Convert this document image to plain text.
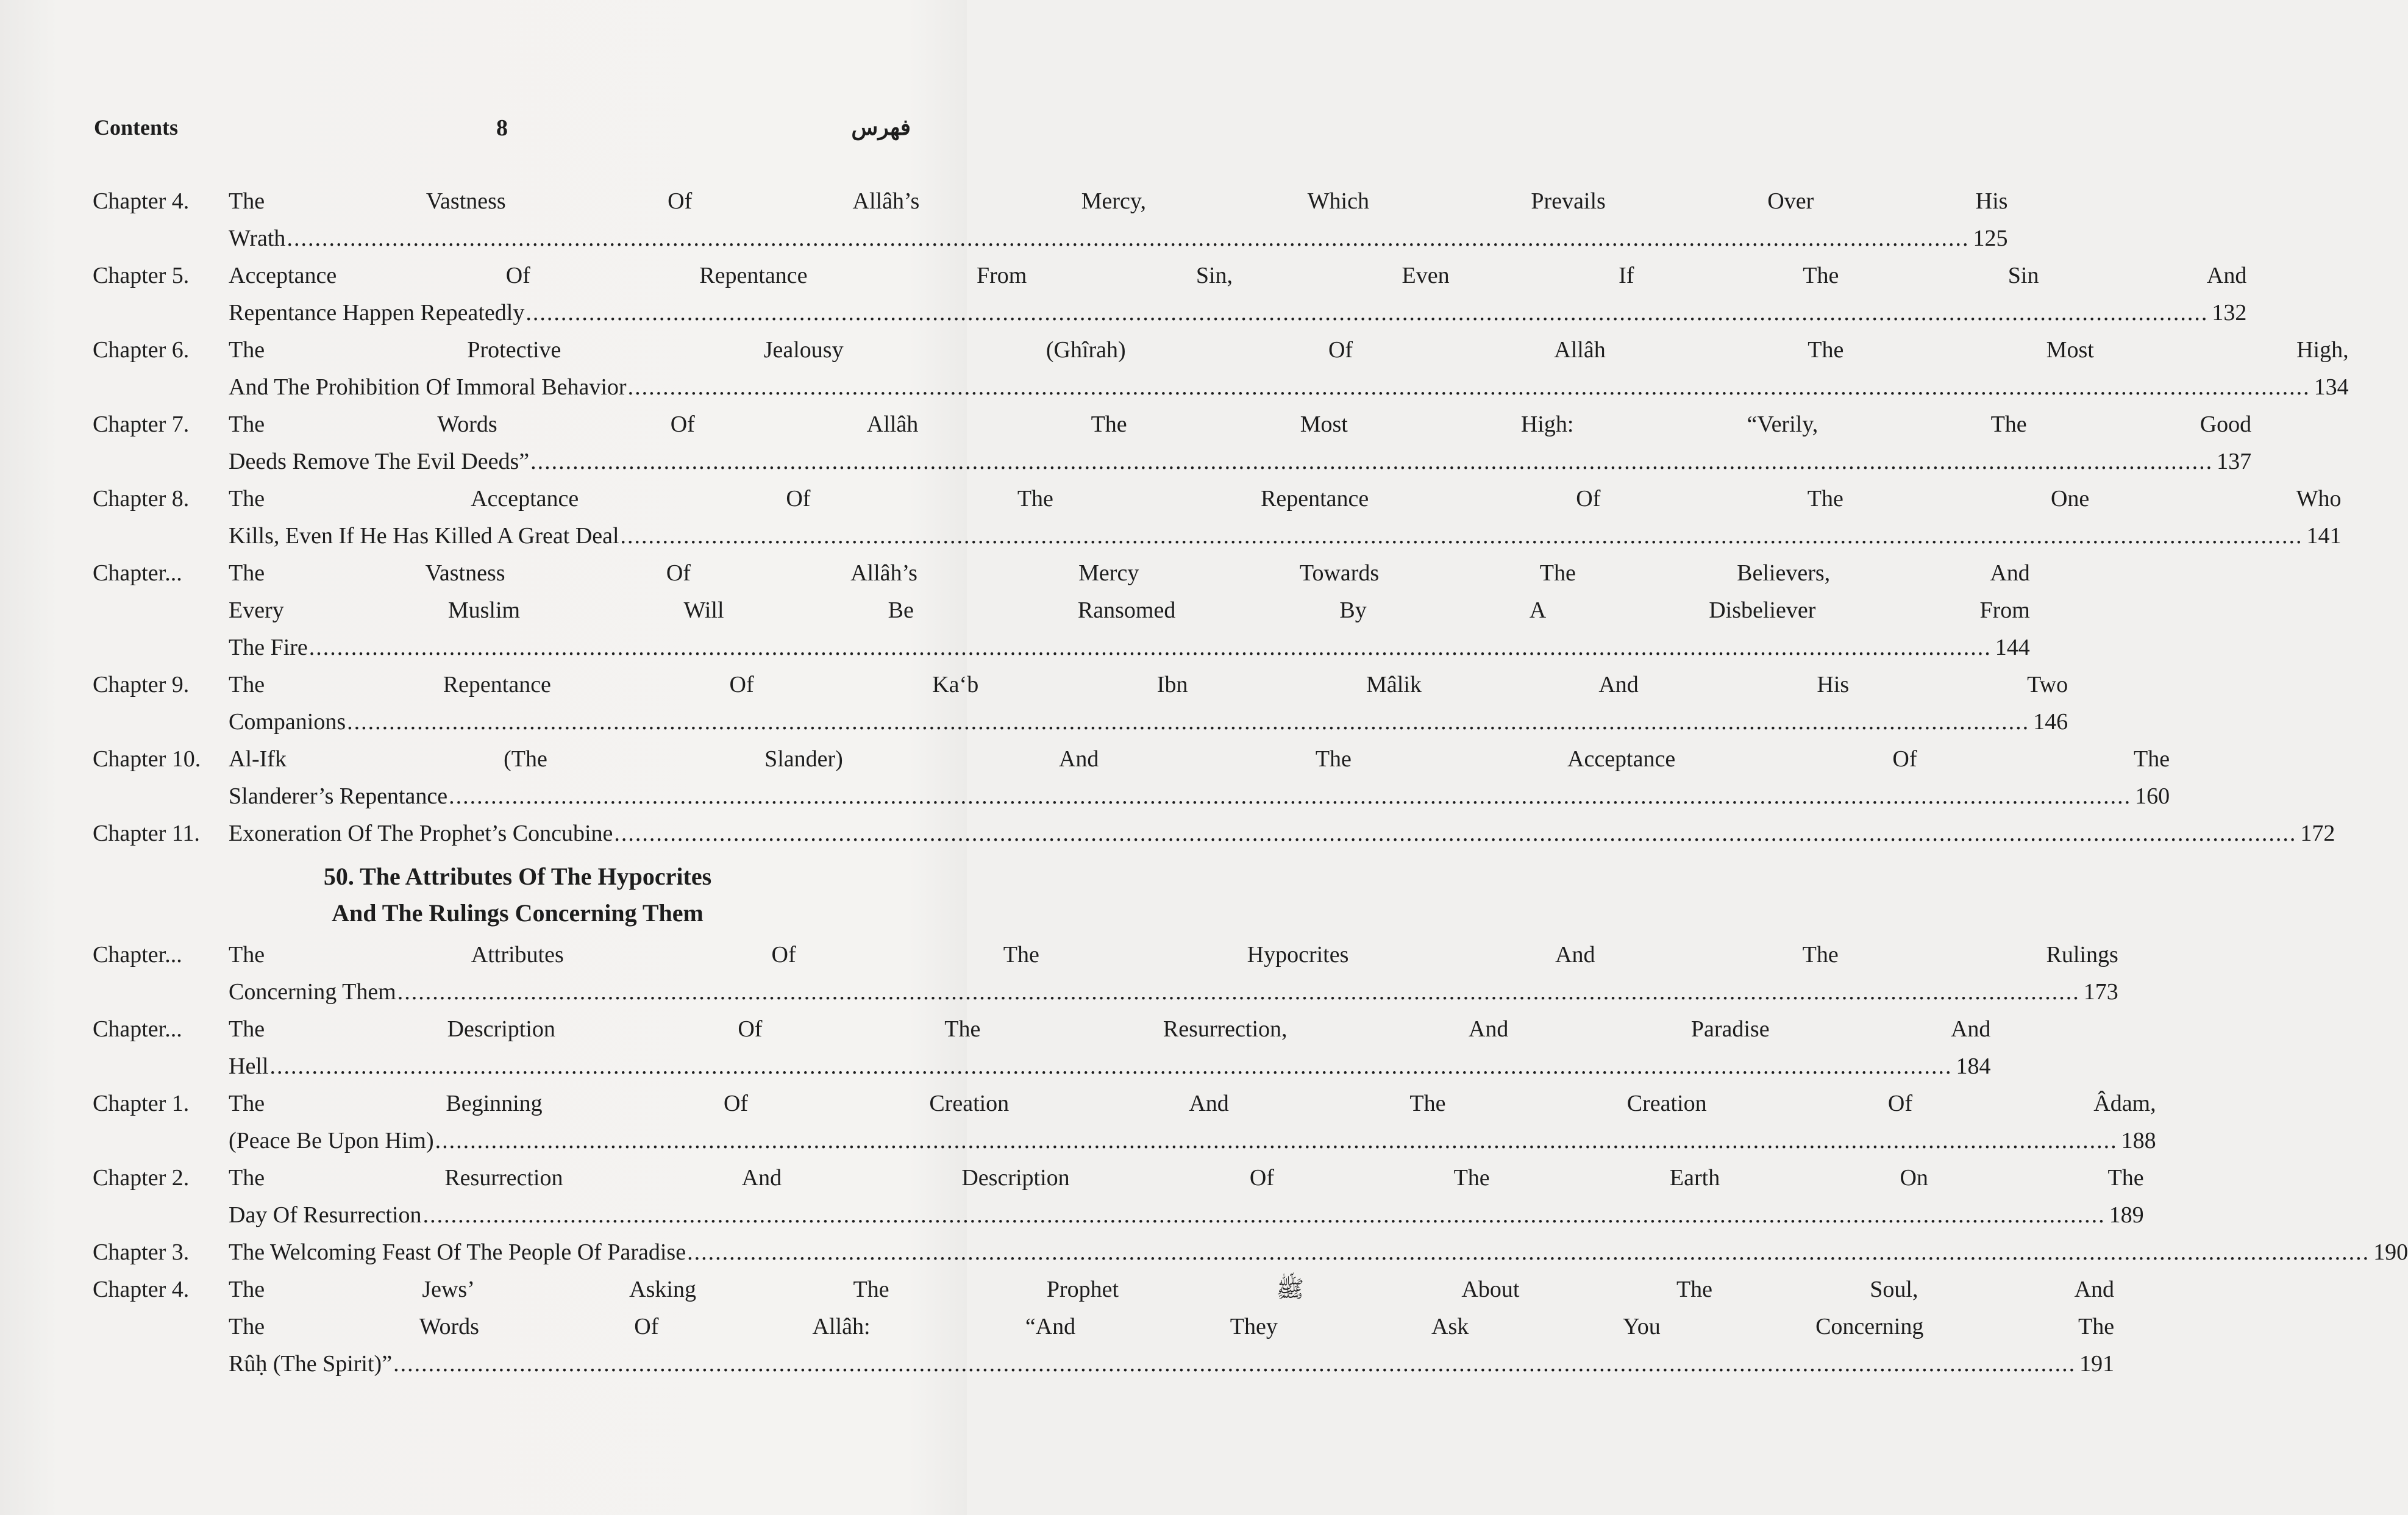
Contents	8	فهرس
Chapter 4.	The Vastness Of Allâh’s Mercy, Which Prevails Over His
Wrath .....	125
Chapter 5.	Acceptance Of Repentance From Sin, Even If The Sin And
Repentance Happen Repeatedly .....	132
Chapter 6.	The Protective Jealousy (Ghîrah) Of Allâh The Most High,
And The Prohibition Of Immoral Behavior .....	134
Chapter 7.	The Words Of Allâh The Most High: “Verily, The Good
Deeds Remove The Evil Deeds” .....	137
Chapter 8.	The Acceptance Of The Repentance Of The One Who
Kills, Even If He Has Killed A Great Deal .....	141
Chapter...	The Vastness Of Allâh’s Mercy Towards The Believers, And
Every Muslim Will Be Ransomed By A Disbeliever From
The Fire .....	144
Chapter 9.	The Repentance Of Ka‘b Ibn Mâlik And His Two
Companions .....	146
Chapter 10.	Al-Ifk (The Slander) And The Acceptance Of The
Slanderer’s Repentance .....	160
Chapter 11.	Exoneration Of The Prophet’s Concubine .....	172
50. The Attributes Of The Hypocrites
And The Rulings Concerning Them
Chapter...	The Attributes Of The Hypocrites And The Rulings
Concerning Them .....	173
Chapter...	The Description Of The Resurrection, And Paradise And
Hell .....	184
Chapter 1.	The Beginning Of Creation And The Creation Of Âdam,
(Peace Be Upon Him) .....	188
Chapter 2.	The Resurrection And Description Of The Earth On The
Day Of Resurrection .....	189
Chapter 3.	The Welcoming Feast Of The People Of Paradise .....	190
Chapter 4.	The Jews’ Asking The Prophet ﷺ About The Soul, And
The Words Of Allâh: “And They Ask You Concerning The
Rûḥ (The Spirit)” .....	191
